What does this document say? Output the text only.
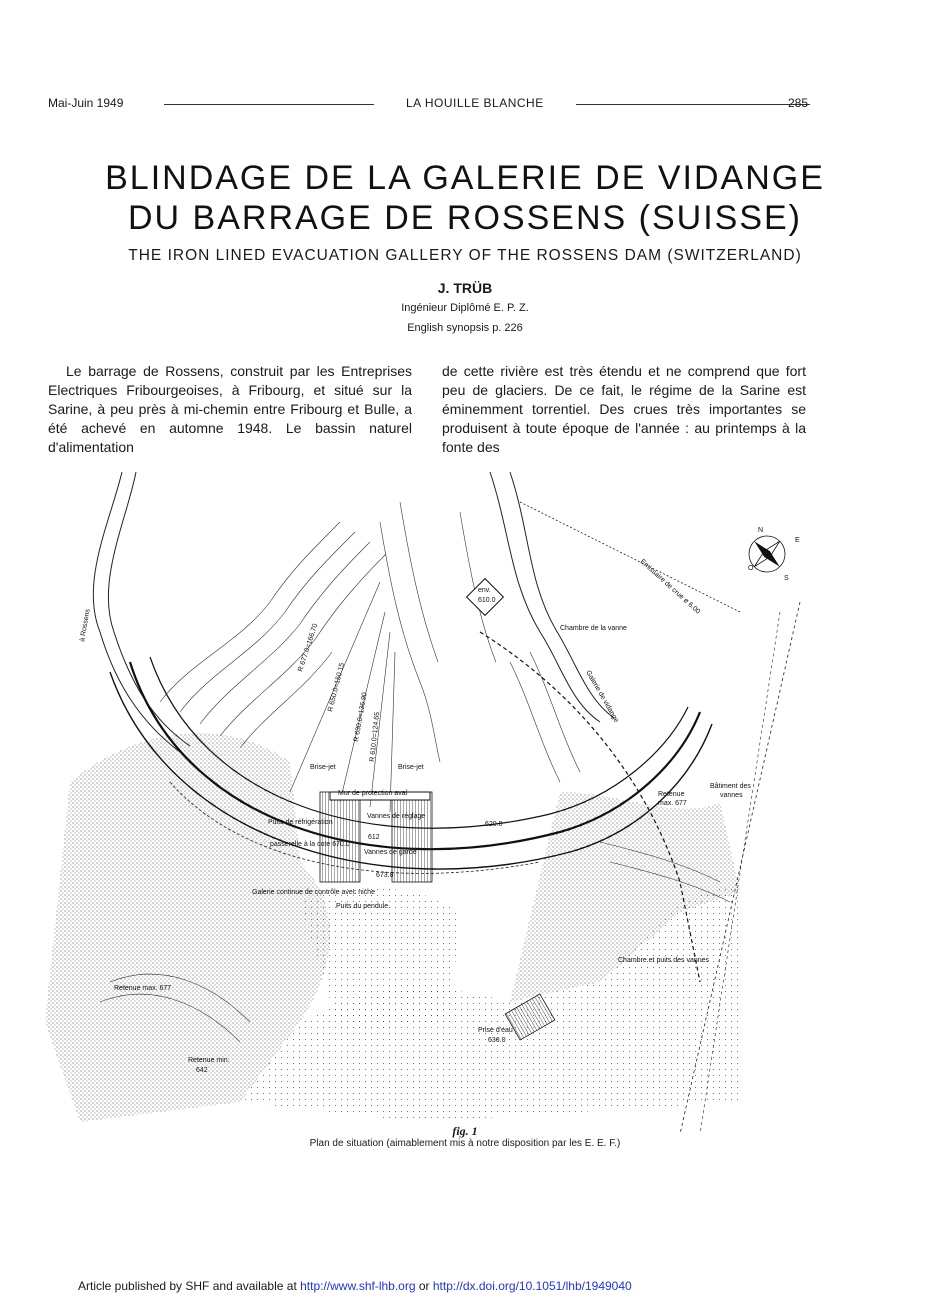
Mai-Juin 1949	LA HOUILLE BLANCHE	285
BLINDAGE DE LA GALERIE DE VIDANGE
DU BARRAGE DE ROSSENS (SUISSE)
THE IRON LINED EVACUATION GALLERY OF THE ROSSENS DAM (SWITZERLAND)
J. TRÜB
Ingénieur Diplômé E. P. Z.
English synopsis p. 226

Le barrage de Rossens, construit par les Entreprises Electriques Fribourgeoises, à Fribourg, et situé sur la Sarine, à peu près à mi-chemin entre Fribourg et Bulle, a été achevé en automne 1948. Le bassin naturel d'alimentation

de cette rivière est très étendu et ne comprend que fort peu de glaciers. De ce fait, le régime de la Sarine est éminemment torrentiel. Des crues très importantes se produisent à toute époque de l'année : au printemps à la fonte des

Chambre de la vanne
env.
610.0
Bâtiment des
vannes
Retenue
max. 677
Retenue max. 677
Retenue min.
642
Brise-jet	Brise-jet
Mur de protection aval
Vannes de réglage
612
Vannes de garde
Puits de réfrigération
passerelle à la cote 670.0
673.8
Galerie continue de contrôle avec niche
Puits du pendule
Prise d'eau
636.0
Chambre et puits des vannes
620.0
R 677.0=166.70
R 650.0=150.15
R 630.0=136.90 R 610.0=124.65
Galerie de vidange
à Rossens
Emissaire de crue ø 6.00
N
E
S
O
fig. 1
Plan de situation (aimablement mis à notre disposition par les E. E. F.)
Article published by SHF and available at http://www.shf-lhb.org or http://dx.doi.org/10.1051/lhb/1949040
